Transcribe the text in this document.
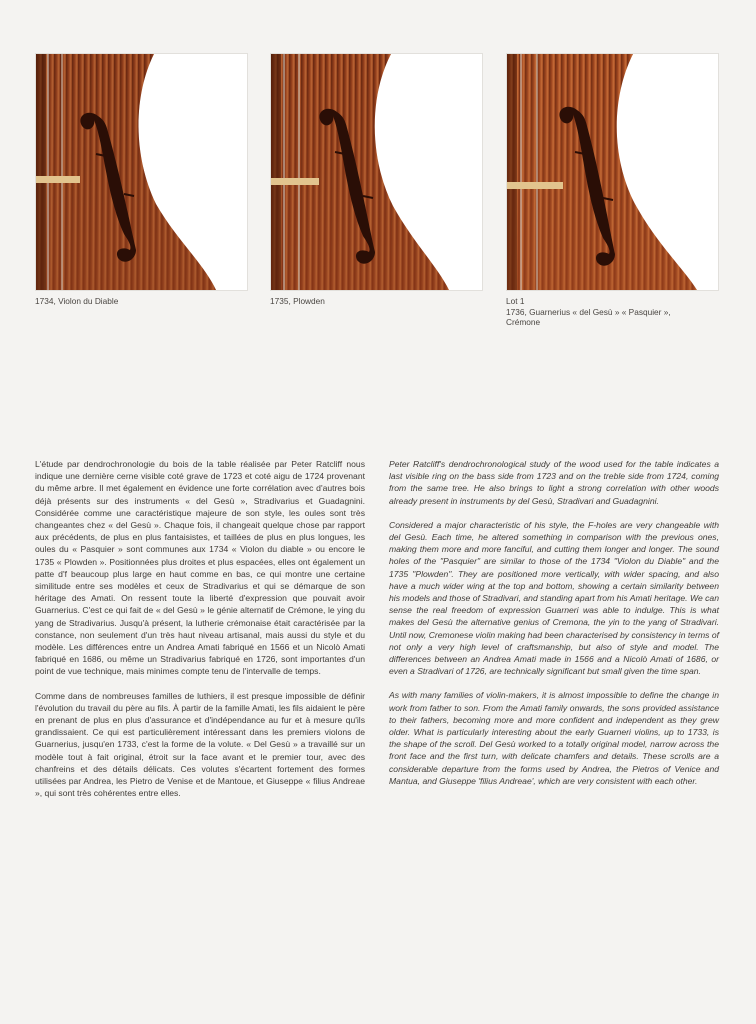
1734, Violon du Diable	1735, Plowden	Lot 1
1736, Guarnerius « del Gesù » « Pasquier »,
Crémone

L'étude par dendrochronologie du bois de la table réalisée par Peter Ratcliff nous indique une dernière cerne visible coté grave de 1723 et coté aigu de 1724 provenant du même arbre. Il met également en évidence une forte corrélation avec d'autres bois déjà présents sur des instruments « del Gesù », Stradivarius et Guadagnini. Considérée comme une caractéristique majeure de son style, les oules sont très changeantes chez « del Gesù ». Chaque fois, il changeait quelque chose par rapport aux précédents, de plus en plus fantaisistes, et taillées de plus en plus longues, les oules du « Pasquier » sont communes aux 1734 « Violon du diable » ou encore le 1735 « Plowden ». Positionnées plus droites et plus espacées, elles ont également un patte d'f beaucoup plus large en haut comme en bas, ce qui montre une certaine similitude entre ses modèles et ceux de Stradivarius et qui se démarque de son héritage des Amati. On ressent toute la liberté d'expression que pouvait avoir Guarnerius. C'est ce qui fait de « del Gesù » le génie alternatif de Crémone, le ying du yang de Stradivarius. Jusqu'à présent, la lutherie crémonaise était caractérisée par la constance, non seulement d'un très haut niveau artisanal, mais aussi du style et du modèle. Les différences entre un Andrea Amati fabriqué en 1566 et un Nicolò Amati fabriqué en 1686, ou même un Stradivarius fabriqué en 1726, sont importantes d'un point de vue technique, mais minimes compte tenu de l'intervalle de temps.

Comme dans de nombreuses familles de luthiers, il est presque impossible de définir l'évolution du travail du père au fils. À partir de la famille Amati, les fils aidaient le père en prenant de plus en plus d'assurance et d'indépendance au fur et à mesure qu'ils grandissaient. Ce qui est particulièrement intéressant dans les premiers violons de Guarnerius, jusqu'en 1733, c'est la forme de la volute. « Del Gesù » a travaillé sur un modèle tout à fait original, étroit sur la face avant et le premier tour, avec des chanfreins et des détails délicats. Ces volutes s'écartent fortement des formes utilisées par Andrea, les Pietro de Venise et de Mantoue, et Giuseppe « filius Andreae », qui sont très cohérentes entre elles.

Peter Ratcliff's dendrochronological study of the wood used for the table indicates a last visible ring on the bass side from 1723 and on the treble side from 1724, coming from the same tree. He also brings to light a strong correlation with other woods already present in instruments by del Gesù, Stradivari and Guadagnini.

Considered a major characteristic of his style, the F-holes are very changeable with del Gesù. Each time, he altered something in comparison with the previous ones, making them more and more fanciful, and cutting them longer and longer. The sound holes of the "Pasquier" are similar to those of the 1734 "Violon du Diable" and the 1735 "Plowden". They are positioned more vertically, with wider spacing, and also have a much wider wing at the top and bottom, showing a certain similarity between his models and those of Stradivari, and standing apart from his Amati heritage. We can sense the real freedom of expression Guarneri was able to indulge. This is what makes del Gesù the alternative genius of Cremona, the yin to the yang of Stradivari. Until now, Cremonese violin making had been characterised by consistency in terms of not only a very high level of craftsmanship, but also of style and model. The differences between an Andrea Amati made in 1566 and a Nicolò Amati of 1686, or even a Stradivari of 1726, are technically significant but small given the time span.

As with many families of violin-makers, it is almost impossible to define the change in work from father to son. From the Amati family onwards, the sons provided assistance to their fathers, becoming more and more confident and independent as they grew older. What is particularly interesting about the early Guarneri violins, up to 1733, is the shape of the scroll. Del Gesù worked to a totally original model, narrow across the front face and the first turn, with delicate chamfers and details. These scrolls are a considerable departure from the forms used by Andrea, the Pietros of Venice and Mantua, and Giuseppe 'filius Andreae', which are very consistent with each other.
